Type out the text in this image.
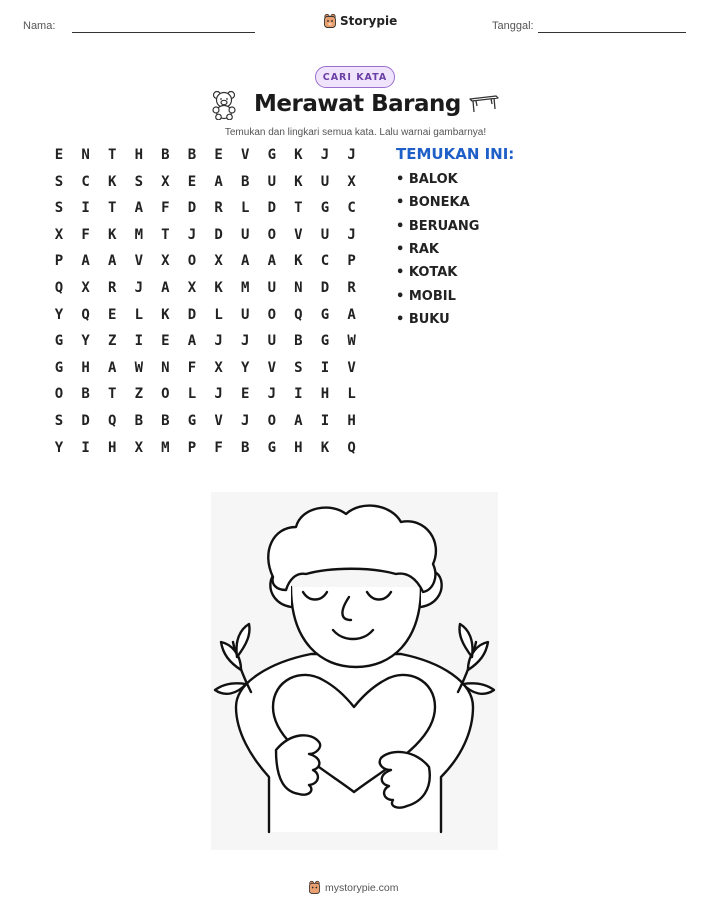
Nama:	Storypie	Tanggal:
CARI KATA
Merawat Barang
Temukan dan lingkari semua kata. Lalu warnai gambarnya!
E	N	T	H	B	B	E	V	G	K	J	J
S	C	K	S	X	E	A	B	U	K	U	X
S	I	T	A	F	D	R	L	D	T	G	C
X	F	K	M	T	J	D	U	O	V	U	J
P	A	A	V	X	O	X	A	A	K	C	P
Q	X	R	J	A	X	K	M	U	N	D	R
Y	Q	E	L	K	D	L	U	O	Q	G	A
G	Y	Z	I	E	A	J	J	U	B	G	W
G	H	A	W	N	F	X	Y	V	S	I	V
O	B	T	Z	O	L	J	E	J	I	H	L
S	D	Q	B	B	G	V	J	O	A	I	H
Y	I	H	X	M	P	F	B	G	H	K	Q
TEMUKAN INI:
• BALOK
• BONEKA
• BERUANG
• RAK
• KOTAK
• MOBIL
• BUKU
mystorypie.com
